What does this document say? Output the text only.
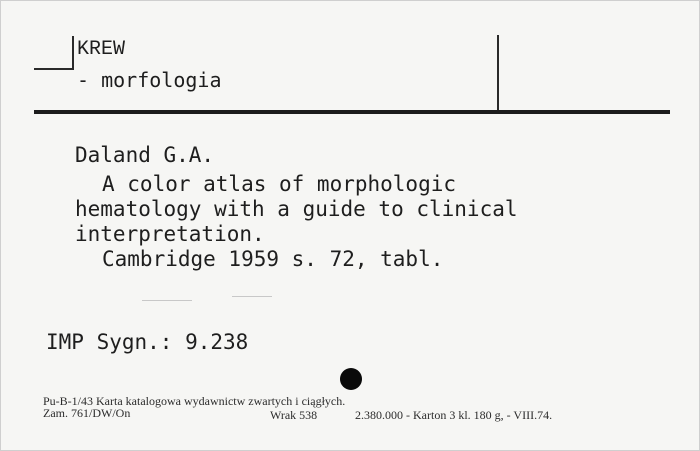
KREW
- morfologia
Daland G.A.
A color atlas of morphologic
hematology with a guide to clinical
interpretation.
Cambridge 1959 s. 72, tabl.
IMP Sygn.: 9.238
Pu-B-1/43 Karta katalogowa wydawnictw zwartych i ciągłych.
Zam. 761/DW/On	Wrak 538	2.380.000 - Karton 3 kl. 180 g, - VIII.74.
